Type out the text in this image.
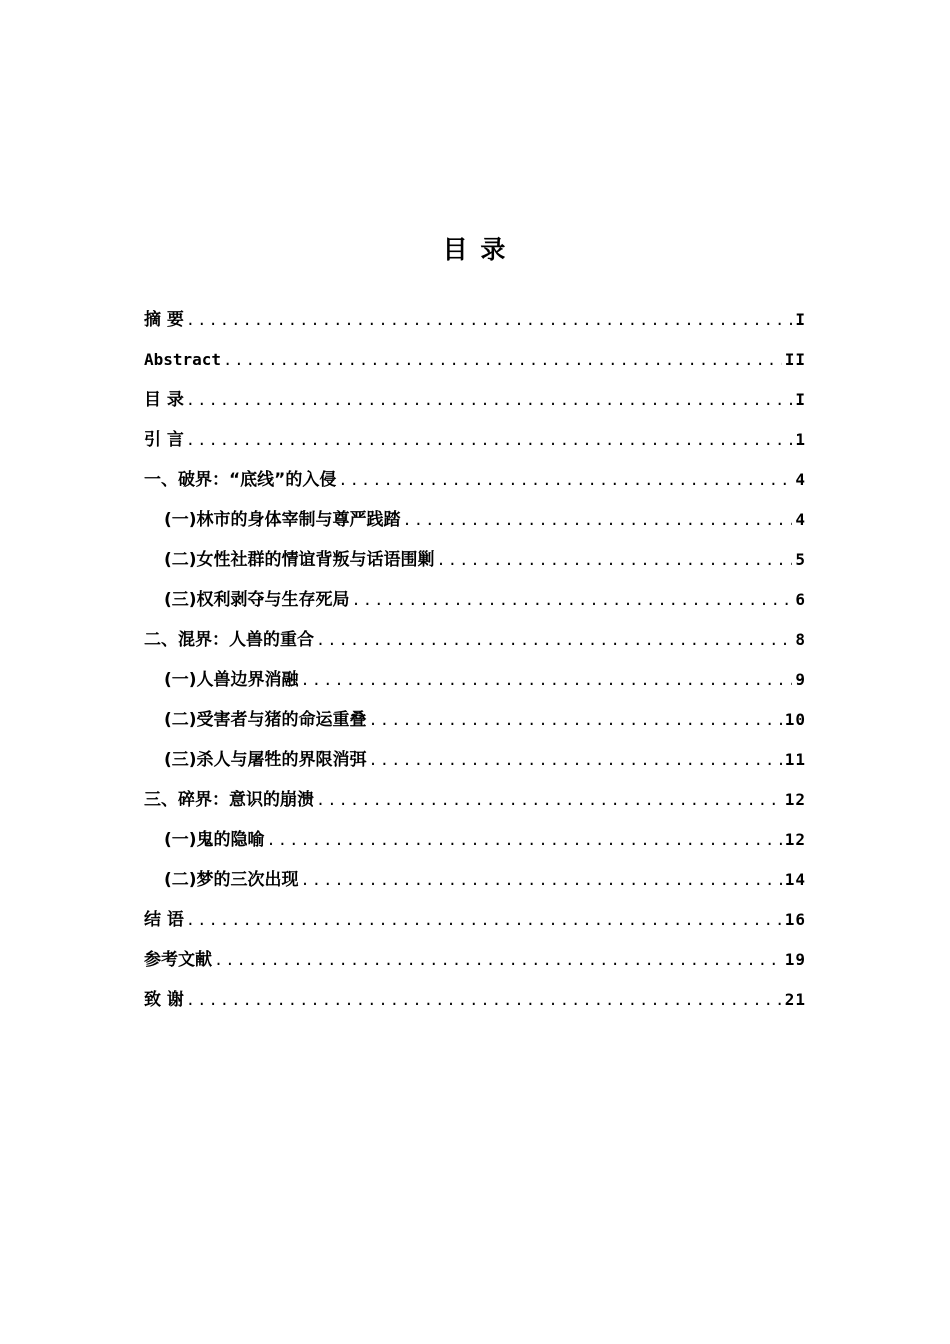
目 录
摘 要 .....	I
Abstract .....	II
目 录 .....	I
引 言 .....	1
一、破界：“底线”的入侵 .....	4
(一)林市的身体宰制与尊严践踏 .....	4
(二)女性社群的情谊背叛与话语围剿 .....	5
(三)权利剥夺与生存死局 .....	6
二、混界：人兽的重合 .....	8
(一)人兽边界消融 .....	9
(二)受害者与猪的命运重叠 .....	10
(三)杀人与屠牲的界限消弭 .....	11
三、碎界：意识的崩溃 .....	12
(一)鬼的隐喻 .....	12
(二)梦的三次出现 .....	14
结 语 .....	16
参考文献 .....	19
致 谢 .....	21
